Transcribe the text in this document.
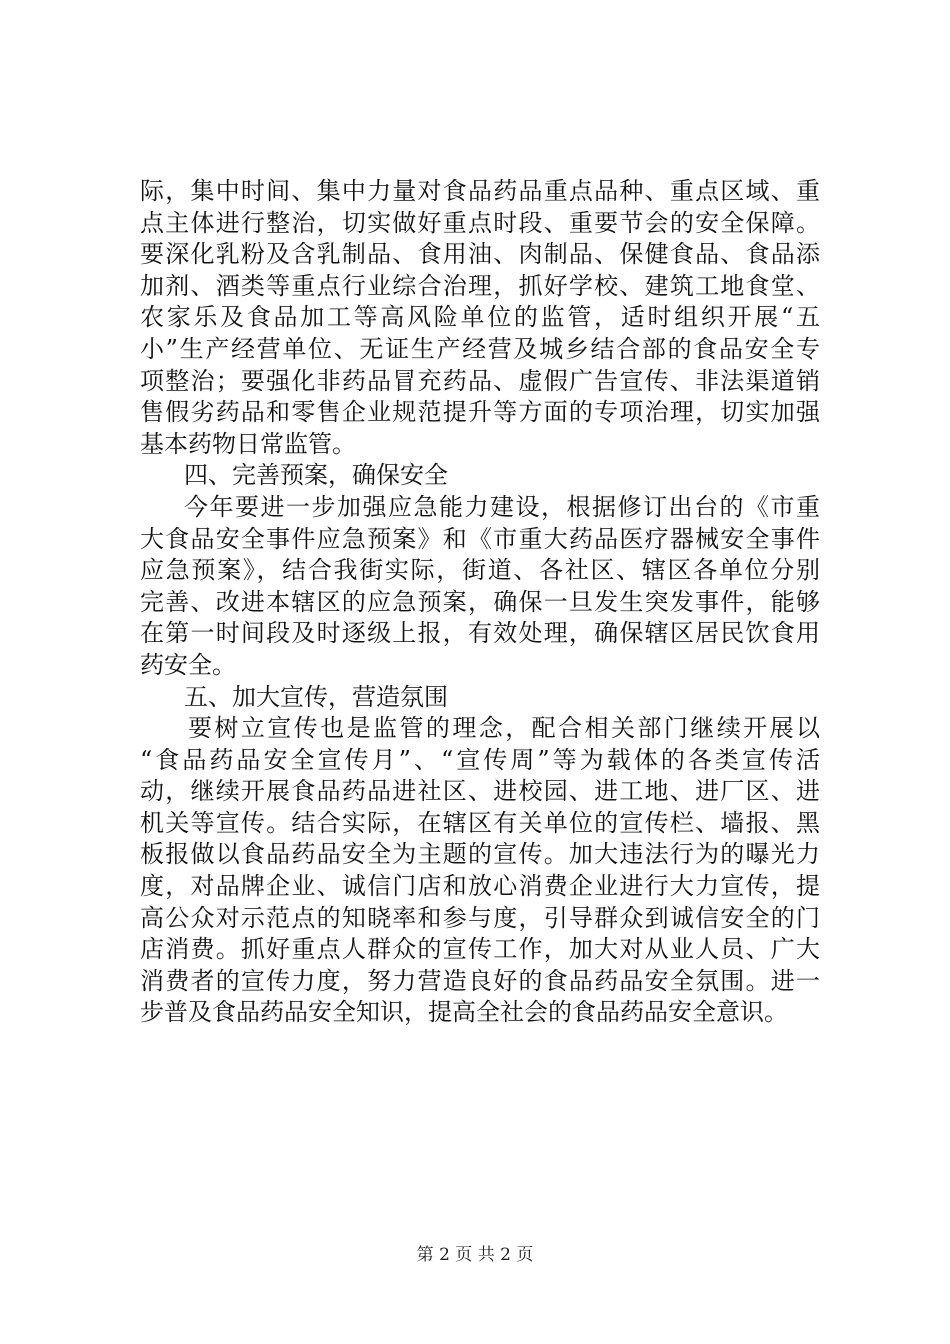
际，集中时间、集中力量对食品药品重点品种、重点区域、重
点主体进行整治，切实做好重点时段、重要节会的安全保障。
要深化乳粉及含乳制品、食用油、肉制品、保健食品、食品添
加剂、酒类等重点行业综合治理，抓好学校、建筑工地食堂、
农家乐及食品加工等高风险单位的监管，适时组织开展“五
小”生产经营单位、无证生产经营及城乡结合部的食品安全专
项整治；要强化非药品冒充药品、虚假广告宣传、非法渠道销
售假劣药品和零售企业规范提升等方面的专项治理，切实加强
基本药物日常监管。
四、完善预案，确保安全
今年要进一步加强应急能力建设，根据修订出台的《市重
大食品安全事件应急预案》和《市重大药品医疗器械安全事件
应急预案》，结合我街实际，街道、各社区、辖区各单位分别
完善、改进本辖区的应急预案，确保一旦发生突发事件，能够
在第一时间段及时逐级上报，有效处理，确保辖区居民饮食用
药安全。
五、加大宣传，营造氛围
要树立宣传也是监管的理念，配合相关部门继续开展以
“食品药品安全宣传月”、“宣传周”等为载体的各类宣传活
动，继续开展食品药品进社区、进校园、进工地、进厂区、进
机关等宣传。结合实际，在辖区有关单位的宣传栏、墙报、黑
板报做以食品药品安全为主题的宣传。加大违法行为的曝光力
度，对品牌企业、诚信门店和放心消费企业进行大力宣传，提
高公众对示范点的知晓率和参与度，引导群众到诚信安全的门
店消费。抓好重点人群众的宣传工作，加大对从业人员、广大
消费者的宣传力度，努力营造良好的食品药品安全氛围。进一
步普及食品药品安全知识，提高全社会的食品药品安全意识。
第 2 页 共 2 页
